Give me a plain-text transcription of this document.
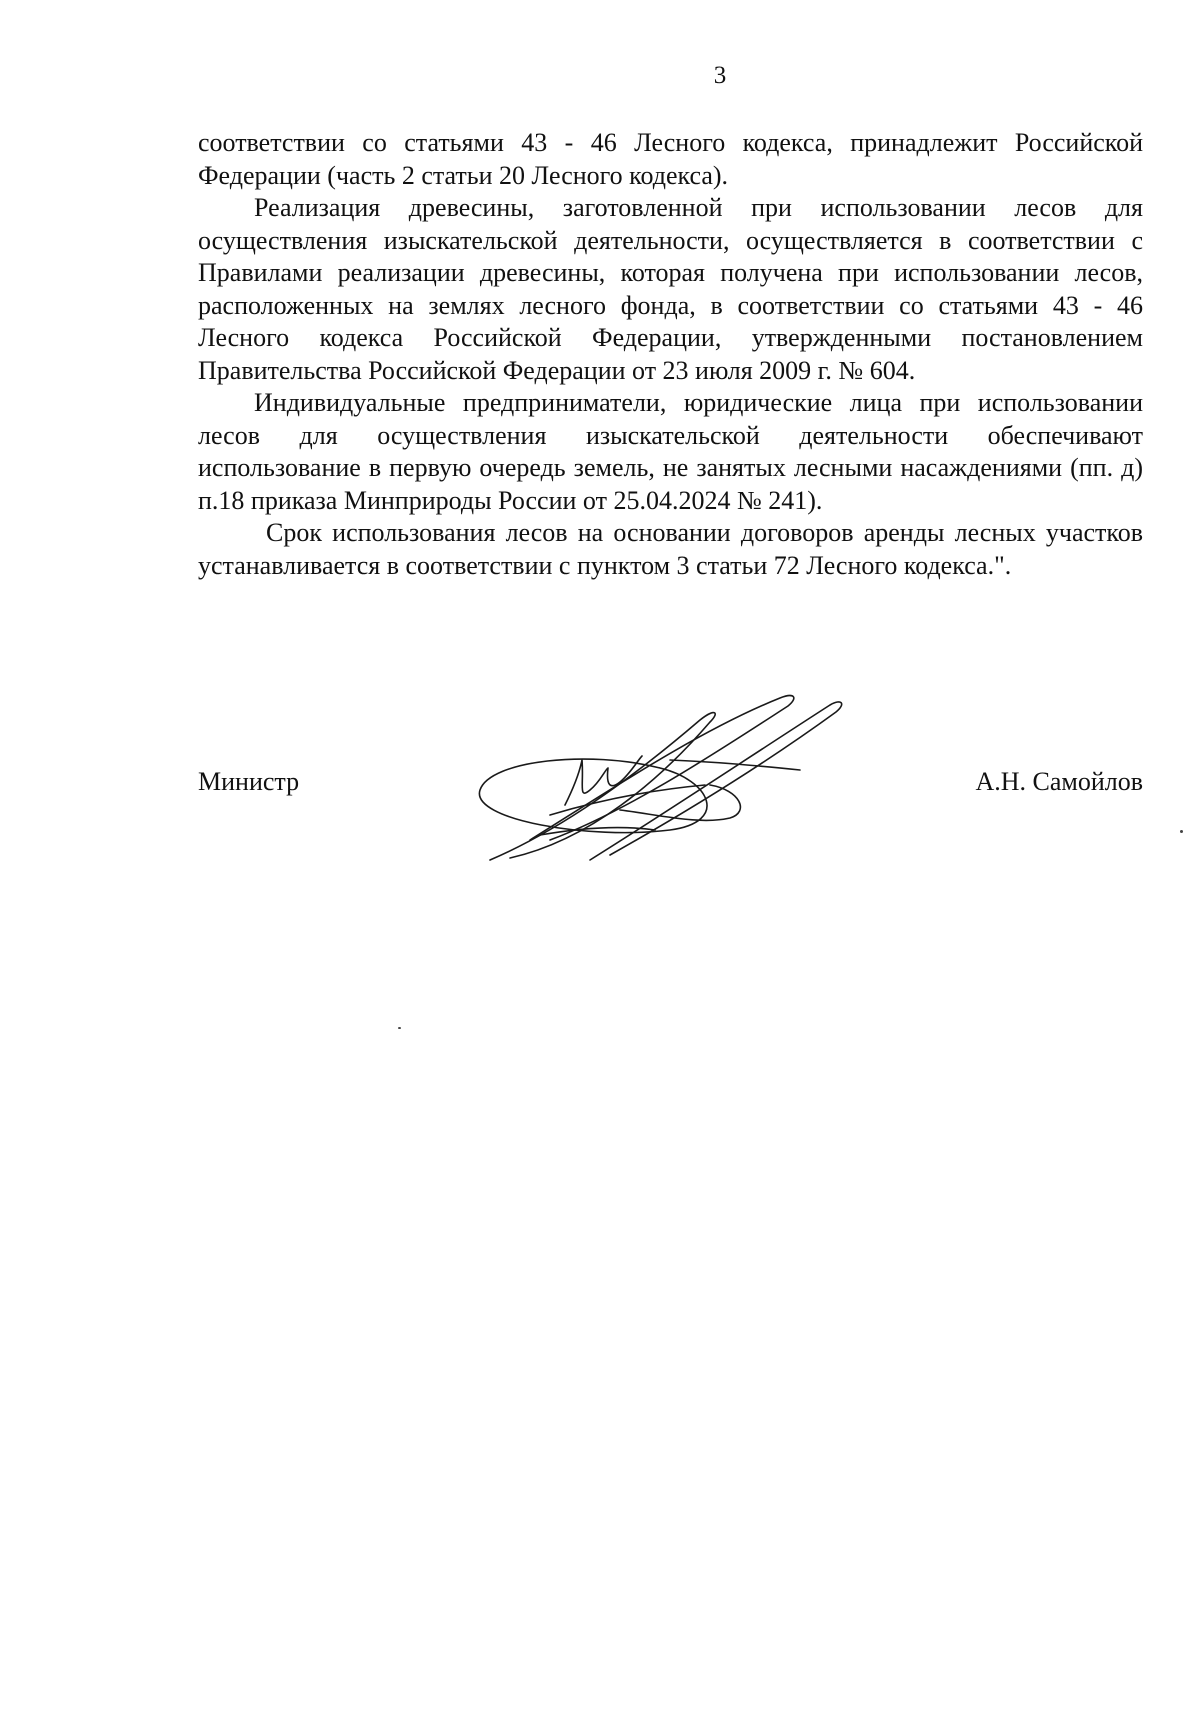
3

соответствии со статьями 43 - 46 Лесного кодекса, принадлежит Российской Федерации (часть 2 статьи 20 Лесного кодекса).

Реализация древесины, заготовленной при использовании лесов для осуществления изыскательской деятельности, осуществляется в соответствии с Правилами реализации древесины, которая получена при использовании лесов, расположенных на землях лесного фонда, в соответствии со статьями 43 - 46 Лесного кодекса Российской Федерации, утвержденными постановлением Правительства Российской Федерации от 23 июля 2009 г. № 604.

Индивидуальные предприниматели, юридические лица при использовании лесов для осуществления изыскательской деятельности обеспечивают использование в первую очередь земель, не занятых лесными насаждениями (пп. д) п.18 приказа Минприроды России от 25.04.2024 № 241).

Срок использования лесов на основании договоров аренды лесных участков устанавливается в соответствии с пунктом 3 статьи 72 Лесного кодекса.".

Министр	А.Н. Самойлов
